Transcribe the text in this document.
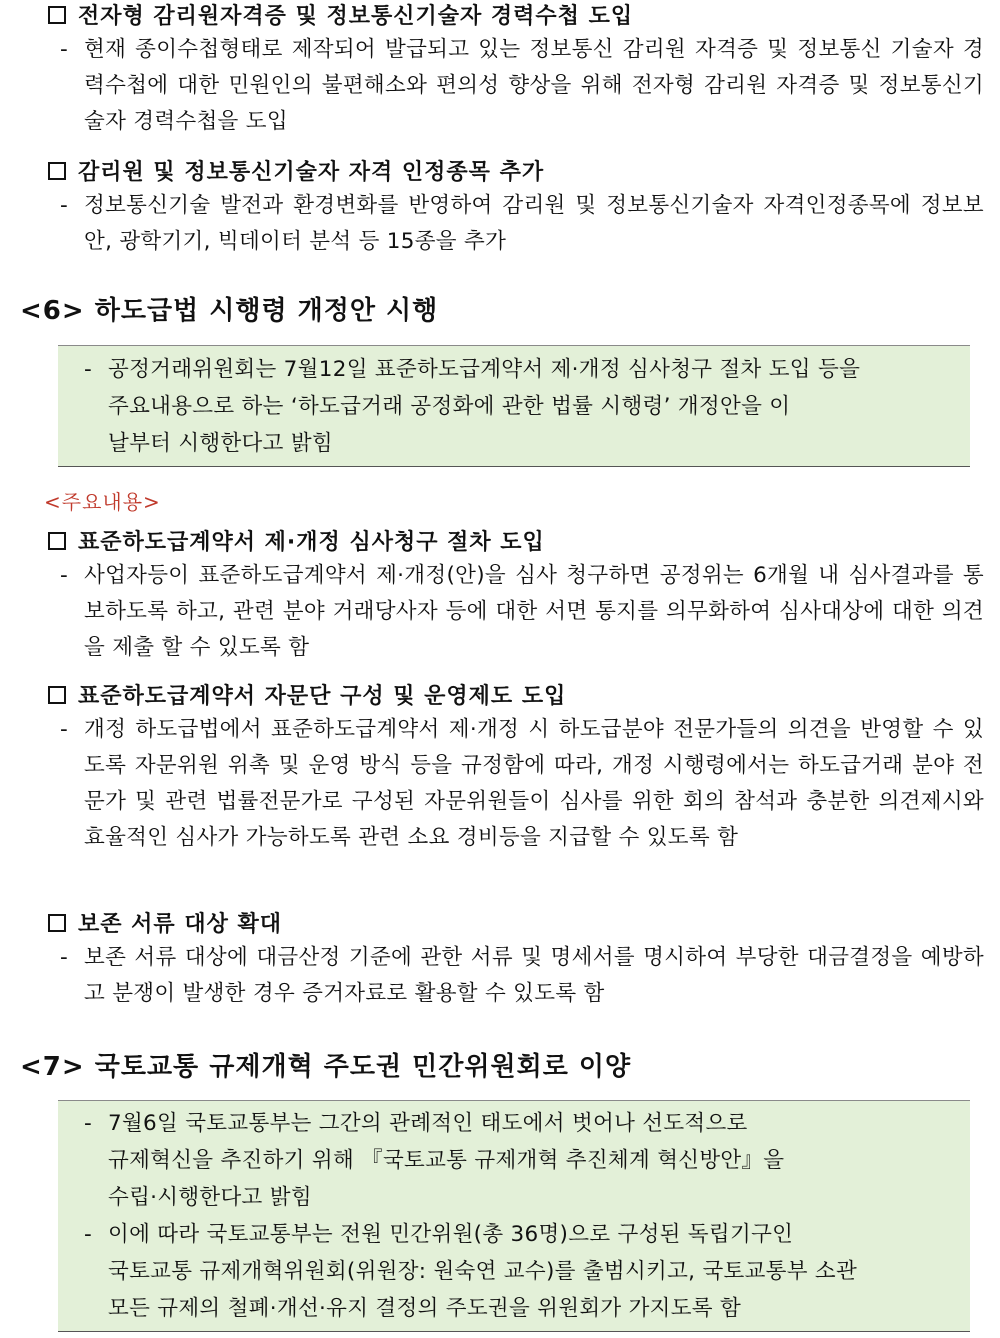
전자형 감리원자격증 및 정보통신기술자 경력수첩 도입
- 현재 종이수첩형태로 제작되어 발급되고 있는 정보통신 감리원 자격증 및 정보통신 기술자 경력수첩에 대한 민원인의 불편해소와 편의성 향상을 위해 전자형 감리원 자격증 및 정보통신기술자 경력수첩을 도입
감리원 및 정보통신기술자 자격 인정종목 추가
- 정보통신기술 발전과 환경변화를 반영하여 감리원 및 정보통신기술자 자격인정종목에 정보보안, 광학기기, 빅데이터 분석 등 15종을 추가
<6> 하도급법 시행령 개정안 시행
- 공정거래위원회는 7월12일 표준하도급계약서 제·개정 심사청구 절차 도입 등을
주요내용으로 하는 ‘하도급거래 공정화에 관한 법률 시행령’ 개정안을 이
날부터 시행한다고 밝힘
<주요내용>
표준하도급계약서 제·개정 심사청구 절차 도입
- 사업자등이 표준하도급계약서 제·개정(안)을 심사 청구하면 공정위는 6개월 내 심사결과를 통보하도록 하고, 관련 분야 거래당사자 등에 대한 서면 통지를 의무화하여 심사대상에 대한 의견을 제출 할 수 있도록 함
표준하도급계약서 자문단 구성 및 운영제도 도입
- 개정 하도급법에서 표준하도급계약서 제·개정 시 하도급분야 전문가들의 의견을 반영할 수 있도록 자문위원 위촉 및 운영 방식 등을 규정함에 따라, 개정 시행령에서는 하도급거래 분야 전문가 및 관련 법률전문가로 구성된 자문위원들이 심사를 위한 회의 참석과 충분한 의견제시와 효율적인 심사가 가능하도록 관련 소요 경비등을 지급할 수 있도록 함
보존 서류 대상 확대
- 보존 서류 대상에 대금산정 기준에 관한 서류 및 명세서를 명시하여 부당한 대금결정을 예방하고 분쟁이 발생한 경우 증거자료로 활용할 수 있도록 함
<7> 국토교통 규제개혁 주도권 민간위원회로 이양
- 7월6일 국토교통부는 그간의 관례적인 태도에서 벗어나 선도적으로
규제혁신을 추진하기 위해 『국토교통 규제개혁 추진체계 혁신방안』을
수립·시행한다고 밝힘
- 이에 따라 국토교통부는 전원 민간위원(총 36명)으로 구성된 독립기구인
국토교통 규제개혁위원회(위원장: 원숙연 교수)를 출범시키고, 국토교통부 소관
모든 규제의 철폐·개선·유지 결정의 주도권을 위원회가 가지도록 함
